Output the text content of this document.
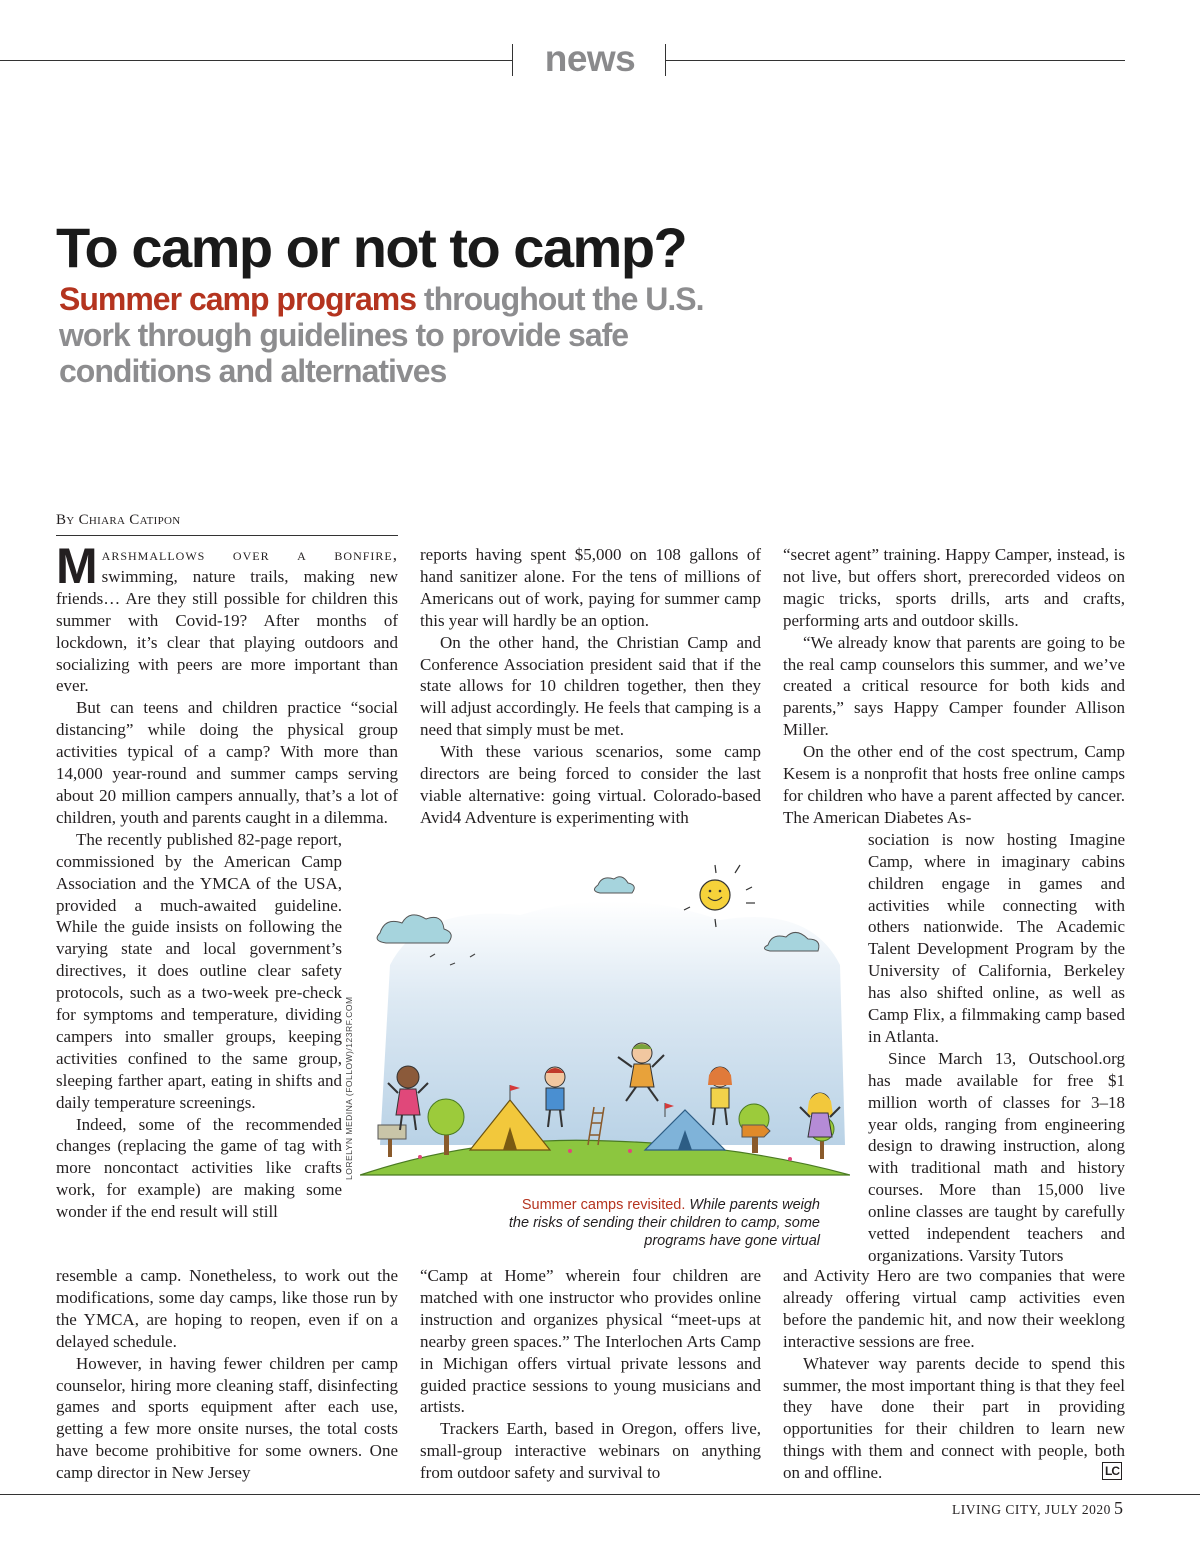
news
To camp or not to camp?
Summer camp programs throughout the U.S. work through guidelines to provide safe conditions and alternatives
By Chiara Catipon

Marshmallows over a bonfire, swimming, nature trails, making new friends… Are they still possible for children this summer with Covid-19? After months of lockdown, it’s clear that playing outdoors and socializing with peers are more important than ever.

But can teens and children practice “social distancing” while doing the physical group activities typical of a camp? With more than 14,000 year-round and summer camps serving about 20 million campers annually, that’s a lot of children, youth and parents caught in a dilemma.

The recently published 82-page report, commissioned by the American Camp Association and the YMCA of the USA, provided a much-awaited guideline. While the guide insists on following the varying state and local government’s directives, it does outline clear safety protocols, such as a two-week pre-check for symptoms and temperature, dividing campers into smaller groups, keeping activities confined to the same group, sleeping farther apart, eating in shifts and daily temperature screenings.

Indeed, some of the recommended changes (replacing the game of tag with more noncontact activities like crafts work, for example) are making some wonder if the end result will still

resemble a camp. Nonetheless, to work out the modifications, some day camps, like those run by the YMCA, are hoping to reopen, even if on a delayed schedule.

However, in having fewer children per camp counselor, hiring more cleaning staff, disinfecting games and sports equipment after each use, getting a few more onsite nurses, the total costs have become prohibitive for some owners. One camp director in New Jersey

reports having spent $5,000 on 108 gallons of hand sanitizer alone. For the tens of millions of Americans out of work, paying for summer camp this year will hardly be an option.

On the other hand, the Christian Camp and Conference Association president said that if the state allows for 10 children together, then they will adjust accordingly. He feels that camping is a need that simply must be met.

With these various scenarios, some camp directors are being forced to consider the last viable alternative: going virtual. Colorado-based Avid4 Adventure is experimenting with

“Camp at Home” wherein four children are matched with one instructor who provides online instruction and organizes physical “meet-ups at nearby green spaces.” The Interlochen Arts Camp in Michigan offers virtual private lessons and guided practice sessions to young musicians and artists.

Trackers Earth, based in Oregon, offers live, small-group interactive webinars on anything from outdoor safety and survival to

“secret agent” training. Happy Camper, instead, is not live, but offers short, prerecorded videos on magic tricks, sports drills, arts and crafts, performing arts and outdoor skills.

“We already know that parents are going to be the real camp counselors this summer, and we’ve created a critical resource for both kids and parents,” says Happy Camper founder Allison Miller.

On the other end of the cost spectrum, Camp Kesem is a nonprofit that hosts free online camps for children who have a parent affected by cancer. The American Diabetes As-

sociation is now hosting Imagine Camp, where in imaginary cabins children engage in games and activities while connecting with others nationwide. The Academic Talent Development Program by the University of California, Berkeley has also shifted online, as well as Camp Flix, a filmmaking camp based in Atlanta.

Since March 13, Outschool.org has made available for free $1 million worth of classes for 3–18 year olds, ranging from engineering design to drawing instruction, along with traditional math and history courses. More than 15,000 live online classes are taught by carefully vetted independent teachers and organizations. Varsity Tutors

and Activity Hero are two companies that were already offering virtual camp activities even before the pandemic hit, and now their weeklong interactive sessions are free.

Whatever way parents decide to spend this summer, the most important thing is that they feel they have done their part in providing opportunities for their children to learn new things with them and connect with people, both on and offline.

LORELYN MEDINA (FOLLOW)/123RF.COM
Summer camps revisited. While parents weigh the risks of sending their children to camp, some programs have gone virtual
LC
LIVING CITY, JULY 2020 5
